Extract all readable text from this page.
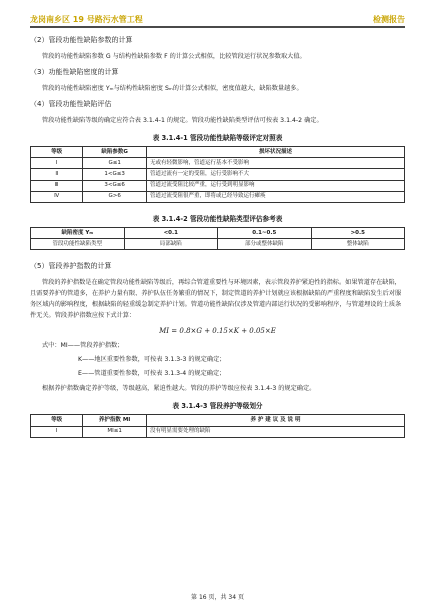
龙岗南乡区 19 号路污水管工程	检测报告
（2）管段功能性缺陷参数的计算
管段的功能性缺陷参数 G 与结构性缺陷参数 F 的计算公式相似，比较管段运行状况参数取大值。
（3）功能性缺陷密度的计算
管段的功能性缺陷密度 Yₘ与结构性缺陷密度 Sₘ的计算公式相似，密度值越大，缺陷数量越多。
（4）管段功能性缺陷评估
管段功能性缺陷等级的确定应符合表 3.1.4-1 的规定。管段功能性缺陷类型评估可按表 3.1.4-2 确定。
表 3.1.4-1 管段功能性缺陷等级评定对照表
等级	缺陷参数G	损坏状况描述
Ⅰ	G≤1	无或有轻微影响，管道运行基本不受影响
Ⅱ	1<G≤3	管道过流有一定的受阻，运行受影响不大
Ⅲ	3<G≤6	管道过流受阻比较严重，运行受到明显影响
Ⅳ	G>6	管道过流受阻很严重，即将或已经导致运行瘫痪
表 3.1.4-2 管段功能性缺陷类型评估参考表
缺陷密度 Yₘ	<0.1	0.1~0.5	>0.5
管段功能性缺陷类型	局部缺陷	部分或整体缺陷	整体缺陷
（5）管段养护指数的计算
管段的养护指数是在确定管段功能性缺陷等级后，再综合管道重要性与环境因素，表示管段养护紧迫性的指标。如果管道存在缺陷，且需要养护的管道多，在养护力量有限、养护队伍任务繁重的情况下，制定管道的养护计划就应该根据缺陷的严重程度和缺陷发生后对服务区域内的影响程度，根据缺陷的轻重缓急制定养护计划。管道功能性缺陷仅涉及管道内部运行状况的受影响程序，与管道埋设的土质条件无关。管段养护指数应按下式计算：
MI = 0.8×G + 0.15×K + 0.05×E
式中：MI——管段养护指数；
K——地区重要性参数，可按表 3.1.3-3 的规定确定；
E——管道重要性参数，可按表 3.1.3-4 的规定确定；
根据养护指数确定养护等级，等级越高，紧迫性越大。管段的养护等级应按表 3.1.4-3 的规定确定。
表 3.1.4-3 管段养护等级划分
等级	养护指数 MI	养 护 建 议 及 说 明
Ⅰ	MI≤1	没有明显需要处理的缺陷
第 16 页，共 34 页
